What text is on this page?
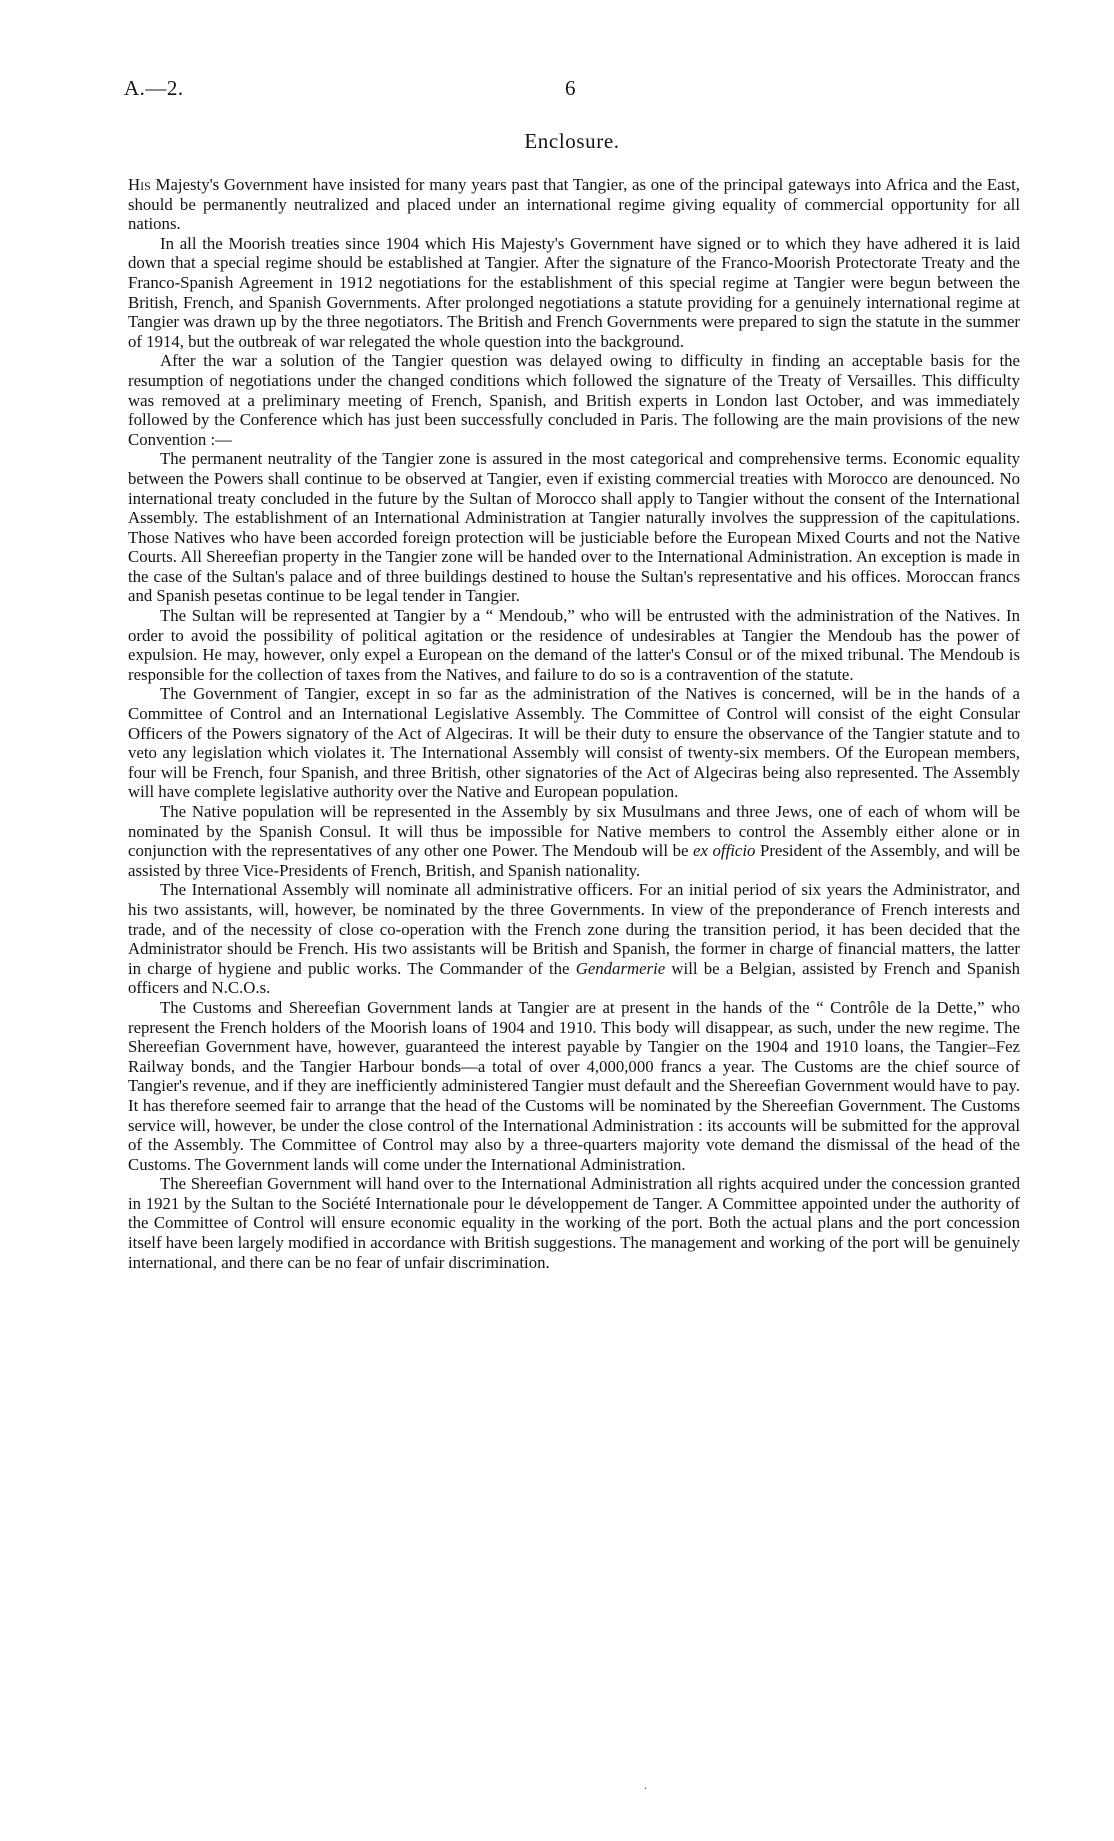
A.—2.	6
Enclosure.

His Majesty's Government have insisted for many years past that Tangier, as one of the principal gateways into Africa and the East, should be permanently neutralized and placed under an international regime giving equality of commercial opportunity for all nations.

In all the Moorish treaties since 1904 which His Majesty's Government have signed or to which they have adhered it is laid down that a special regime should be established at Tangier. After the signature of the Franco-Moorish Protectorate Treaty and the Franco-Spanish Agreement in 1912 negotiations for the establishment of this special regime at Tangier were begun between the British, French, and Spanish Governments. After prolonged negotiations a statute providing for a genuinely international regime at Tangier was drawn up by the three negotiators. The British and French Governments were prepared to sign the statute in the summer of 1914, but the outbreak of war relegated the whole question into the background.

After the war a solution of the Tangier question was delayed owing to difficulty in finding an acceptable basis for the resumption of negotiations under the changed conditions which followed the signature of the Treaty of Versailles. This difficulty was removed at a preliminary meeting of French, Spanish, and British experts in London last October, and was immediately followed by the Conference which has just been successfully concluded in Paris. The following are the main provisions of the new Convention :—

The permanent neutrality of the Tangier zone is assured in the most categorical and comprehensive terms. Economic equality between the Powers shall continue to be observed at Tangier, even if existing commercial treaties with Morocco are denounced. No international treaty concluded in the future by the Sultan of Morocco shall apply to Tangier without the consent of the International Assembly. The establishment of an International Administration at Tangier naturally involves the suppression of the capitulations. Those Natives who have been accorded foreign protection will be justiciable before the European Mixed Courts and not the Native Courts. All Shereefian property in the Tangier zone will be handed over to the International Administration. An exception is made in the case of the Sultan's palace and of three buildings destined to house the Sultan's representative and his offices. Moroccan francs and Spanish pesetas continue to be legal tender in Tangier.

The Sultan will be represented at Tangier by a “ Mendoub,” who will be entrusted with the administration of the Natives. In order to avoid the possibility of political agitation or the residence of undesirables at Tangier the Mendoub has the power of expulsion. He may, however, only expel a European on the demand of the latter's Consul or of the mixed tribunal. The Mendoub is responsible for the collection of taxes from the Natives, and failure to do so is a contravention of the statute.

The Government of Tangier, except in so far as the administration of the Natives is concerned, will be in the hands of a Committee of Control and an International Legislative Assembly. The Committee of Control will consist of the eight Consular Officers of the Powers signatory of the Act of Algeciras. It will be their duty to ensure the observance of the Tangier statute and to veto any legislation which violates it. The International Assembly will consist of twenty-six members. Of the European members, four will be French, four Spanish, and three British, other signatories of the Act of Algeciras being also represented. The Assembly will have complete legislative authority over the Native and European population.

The Native population will be represented in the Assembly by six Musulmans and three Jews, one of each of whom will be nominated by the Spanish Consul. It will thus be impossible for Native members to control the Assembly either alone or in conjunction with the representatives of any other one Power. The Mendoub will be ex officio President of the Assembly, and will be assisted by three Vice-Presidents of French, British, and Spanish nationality.

The International Assembly will nominate all administrative officers. For an initial period of six years the Administrator, and his two assistants, will, however, be nominated by the three Governments. In view of the preponderance of French interests and trade, and of the necessity of close co-operation with the French zone during the transition period, it has been decided that the Administrator should be French. His two assistants will be British and Spanish, the former in charge of financial matters, the latter in charge of hygiene and public works. The Commander of the Gendarmerie will be a Belgian, assisted by French and Spanish officers and N.C.O.s.

The Customs and Shereefian Government lands at Tangier are at present in the hands of the “ Contrôle de la Dette,” who represent the French holders of the Moorish loans of 1904 and 1910. This body will disappear, as such, under the new regime. The Shereefian Government have, however, guaranteed the interest payable by Tangier on the 1904 and 1910 loans, the Tangier–Fez Railway bonds, and the Tangier Harbour bonds—a total of over 4,000,000 francs a year. The Customs are the chief source of Tangier's revenue, and if they are inefficiently administered Tangier must default and the Shereefian Government would have to pay. It has therefore seemed fair to arrange that the head of the Customs will be nominated by the Shereefian Government. The Customs service will, however, be under the close control of the International Administration : its accounts will be submitted for the approval of the Assembly. The Committee of Control may also by a three-quarters majority vote demand the dismissal of the head of the Customs. The Government lands will come under the International Administration.

The Shereefian Government will hand over to the International Administration all rights acquired under the concession granted in 1921 by the Sultan to the Société Internationale pour le développement de Tanger. A Committee appointed under the authority of the Committee of Control will ensure economic equality in the working of the port. Both the actual plans and the port concession itself have been largely modified in accordance with British suggestions. The management and working of the port will be genuinely international, and there can be no fear of unfair discrimination.

.
